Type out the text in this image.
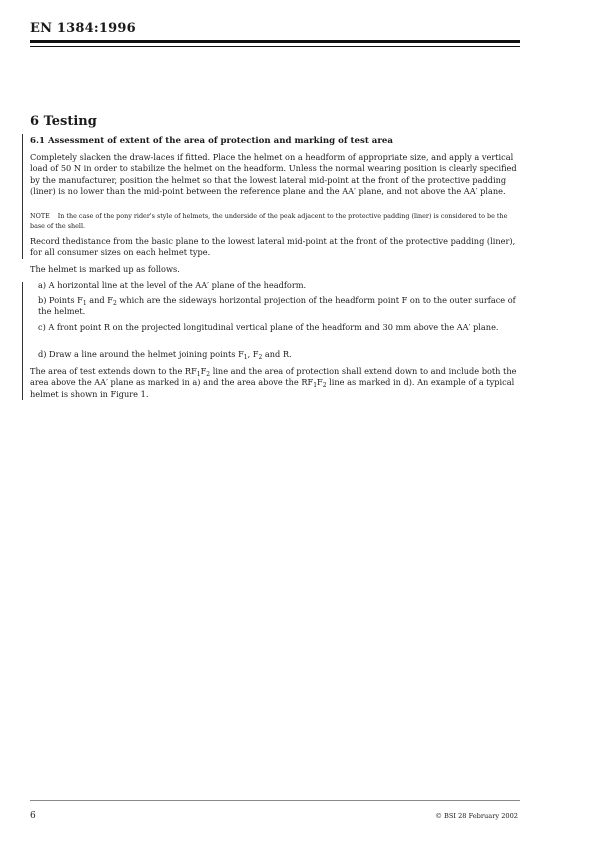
EN 1384:1996
6 Testing
6.1 Assessment of extent of the area of protection and marking of test area
Completely slacken the draw-laces if fitted. Place the helmet on a headform of appropriate size, and apply a vertical load of 50 N in order to stabilize the helmet on the headform. Unless the normal wearing position is clearly specified by the manufacturer, position the helmet so that the lowest lateral mid-point at the front of the protective padding (liner) is no lower than the mid-point between the reference plane and the AA′ plane, and not above the AA′ plane.
NOTE In the case of the pony rider's style of helmets, the underside of the peak adjacent to the protective padding (liner) is considered to be the base of the shell.
Record thedistance from the basic plane to the lowest lateral mid-point at the front of the protective padding (liner), for all consumer sizes on each helmet type.
The helmet is marked up as follows.
a) A horizontal line at the level of the AA′ plane of the headform.
b) Points $F_1$ and $F_2$ which are the sideways horizontal projection of the headform point F on to the outer surface of the helmet.
c) A front point R on the projected longitudinal vertical plane of the headform and 30 mm above the AA′ plane.
d) Draw a line around the helmet joining points $F_1$, $F_2$ and R.
The area of test extends down to the $RF_1F_2$ line and the area of protection shall extend down to and include both the area above the AA′ plane as marked in a) and the area above the $RF_1F_2$ line as marked in d). An example of a typical helmet is shown in Figure 1.
6	© BSI 28 February 2002
